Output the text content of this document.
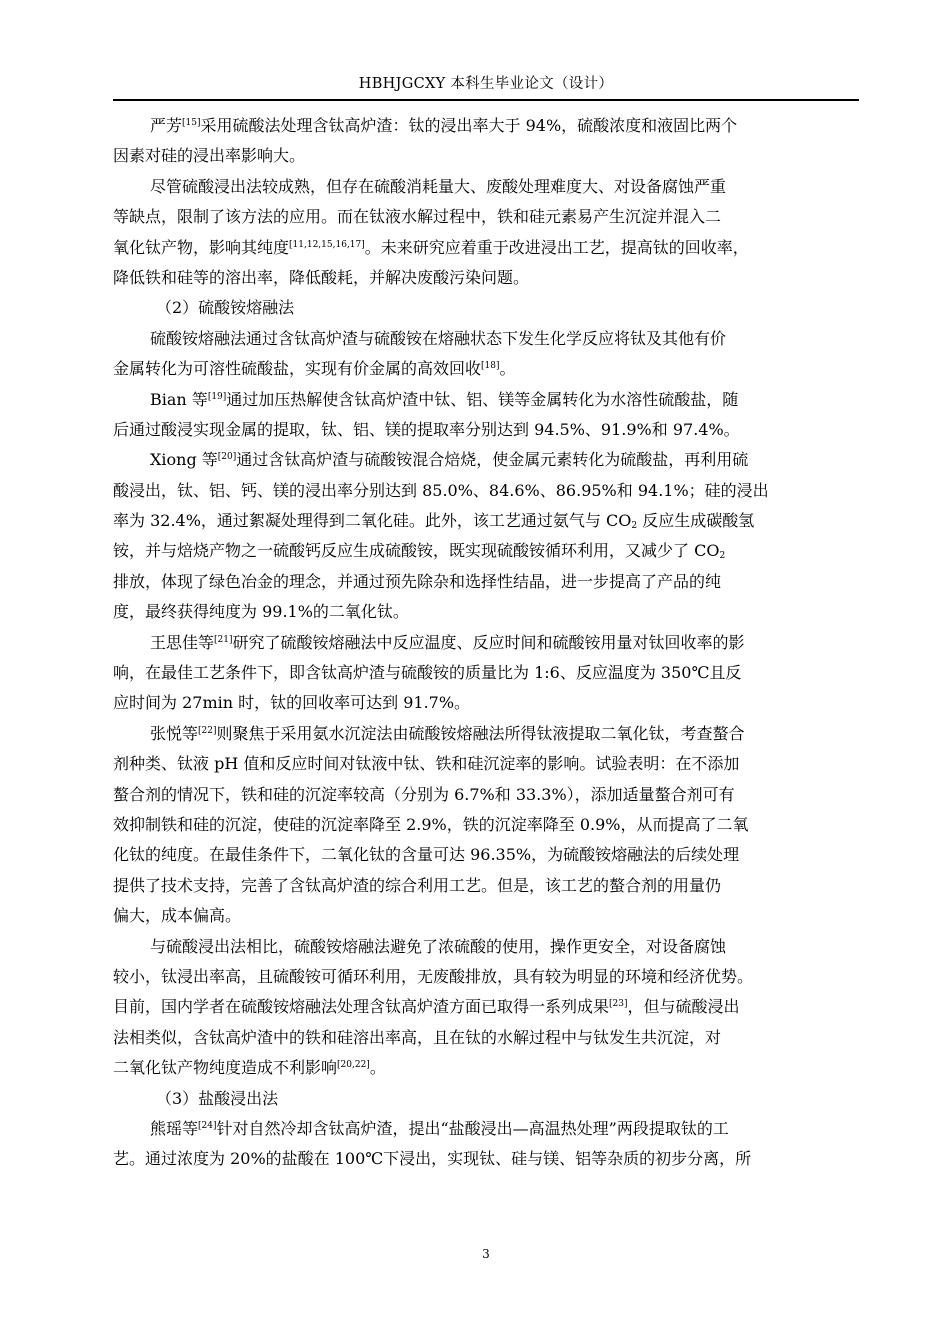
HBHJGCXY 本科生毕业论文（设计）

严芳[15]采用硫酸法处理含钛高炉渣：钛的浸出率大于 94%，硫酸浓度和液固比两个
因素对硅的浸出率影响大。

尽管硫酸浸出法较成熟，但存在硫酸消耗量大、废酸处理难度大、对设备腐蚀严重
等缺点，限制了该方法的应用。而在钛液水解过程中，铁和硅元素易产生沉淀并混入二
氧化钛产物，影响其纯度[11,12,15,16,17]。未来研究应着重于改进浸出工艺，提高钛的回收率，
降低铁和硅等的溶出率，降低酸耗，并解决废酸污染问题。

（2）硫酸铵熔融法

硫酸铵熔融法通过含钛高炉渣与硫酸铵在熔融状态下发生化学反应将钛及其他有价
金属转化为可溶性硫酸盐，实现有价金属的高效回收[18]。

Bian 等[19]通过加压热解使含钛高炉渣中钛、铝、镁等金属转化为水溶性硫酸盐，随
后通过酸浸实现金属的提取，钛、铝、镁的提取率分别达到 94.5%、91.9%和 97.4%。

Xiong 等[20]通过含钛高炉渣与硫酸铵混合焙烧，使金属元素转化为硫酸盐，再利用硫
酸浸出，钛、铝、钙、镁的浸出率分别达到 85.0%、84.6%、86.95%和 94.1%；硅的浸出
率为 32.4%，通过絮凝处理得到二氧化硅。此外，该工艺通过氨气与 $CO_2$ 反应生成碳酸氢
铵，并与焙烧产物之一硫酸钙反应生成硫酸铵，既实现硫酸铵循环利用，又减少了 $CO_2$
排放，体现了绿色冶金的理念，并通过预先除杂和选择性结晶，进一步提高了产品的纯
度，最终获得纯度为 99.1%的二氧化钛。

王思佳等[21]研究了硫酸铵熔融法中反应温度、反应时间和硫酸铵用量对钛回收率的影
响，在最佳工艺条件下，即含钛高炉渣与硫酸铵的质量比为 1:6、反应温度为 350℃且反
应时间为 27min 时，钛的回收率可达到 91.7%。

张悦等[22]则聚焦于采用氨水沉淀法由硫酸铵熔融法所得钛液提取二氧化钛，考查螯合
剂种类、钛液 pH 值和反应时间对钛液中钛、铁和硅沉淀率的影响。试验表明：在不添加
螯合剂的情况下，铁和硅的沉淀率较高（分别为 6.7%和 33.3%），添加适量螯合剂可有
效抑制铁和硅的沉淀，使硅的沉淀率降至 2.9%，铁的沉淀率降至 0.9%，从而提高了二氧
化钛的纯度。在最佳条件下，二氧化钛的含量可达 96.35%，为硫酸铵熔融法的后续处理
提供了技术支持，完善了含钛高炉渣的综合利用工艺。但是，该工艺的螯合剂的用量仍
偏大，成本偏高。

与硫酸浸出法相比，硫酸铵熔融法避免了浓硫酸的使用，操作更安全，对设备腐蚀
较小，钛浸出率高，且硫酸铵可循环利用，无废酸排放，具有较为明显的环境和经济优势。
目前，国内学者在硫酸铵熔融法处理含钛高炉渣方面已取得一系列成果[23]，但与硫酸浸出
法相类似，含钛高炉渣中的铁和硅溶出率高，且在钛的水解过程中与钛发生共沉淀，对
二氧化钛产物纯度造成不利影响[20,22]。

（3）盐酸浸出法

熊瑶等[24]针对自然冷却含钛高炉渣，提出“盐酸浸出—高温热处理”两段提取钛的工
艺。通过浓度为 20%的盐酸在 100℃下浸出，实现钛、硅与镁、铝等杂质的初步分离，所

3
